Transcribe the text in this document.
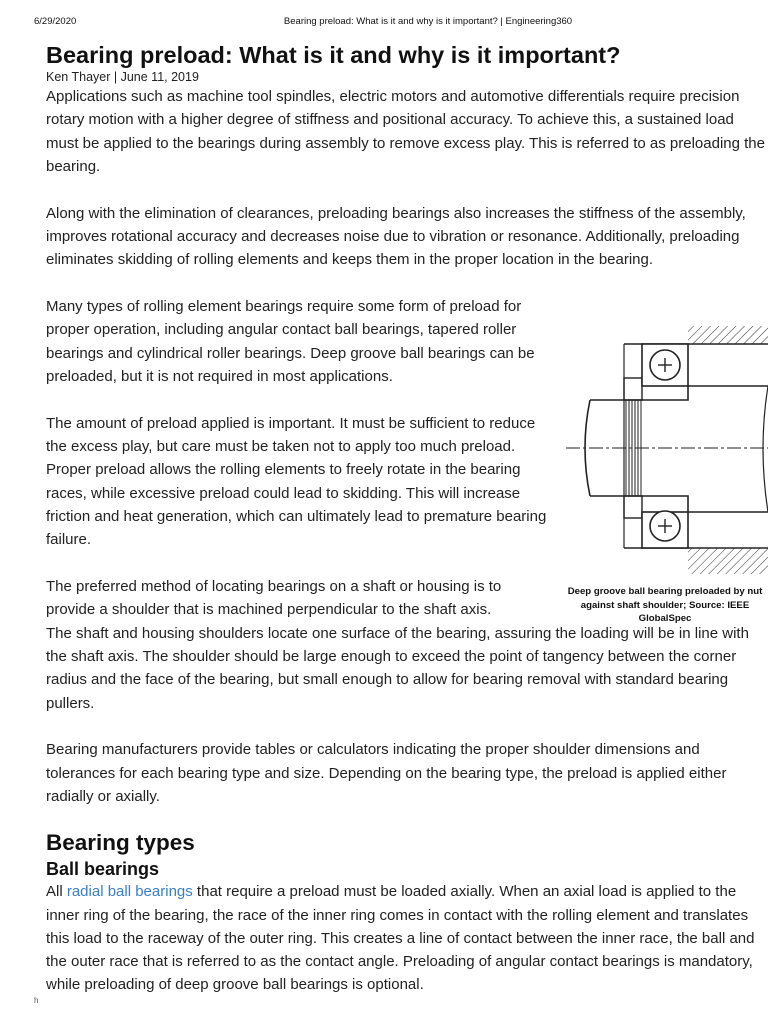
6/29/2020	Bearing preload: What is it and why is it important? | Engineering360
Bearing preload: What is it and why is it important?
Ken Thayer | June 11, 2019

Applications such as machine tool spindles, electric motors and automotive differentials require precision rotary motion with a higher degree of stiffness and positional accuracy. To achieve this, a sustained load must be applied to the bearings during assembly to remove excess play. This is referred to as preloading the bearing.

Along with the elimination of clearances, preloading bearings also increases the stiffness of the assembly, improves rotational accuracy and decreases noise due to vibration or resonance. Additionally, preloading eliminates skidding of rolling elements and keeps them in the proper location in the bearing.

Many types of rolling element bearings require some form of preload for proper operation, including angular contact ball bearings, tapered roller bearings and cylindrical roller bearings. Deep groove ball bearings can be preloaded, but it is not required in most applications.

The amount of preload applied is important. It must be sufficient to reduce the excess play, but care must be taken not to apply too much preload. Proper preload allows the rolling elements to freely rotate in the bearing races, while excessive preload could lead to skidding. This will increase friction and heat generation, which can ultimately lead to premature bearing failure.

The preferred method of locating bearings on a shaft or housing is to provide a shoulder that is machined perpendicular to the shaft axis.

The shaft and housing shoulders locate one surface of the bearing, assuring the loading will be in line with the shaft axis. The shoulder should be large enough to exceed the point of tangency between the corner radius and the face of the bearing, but small enough to allow for bearing removal with standard bearing pullers.

Bearing manufacturers provide tables or calculators indicating the proper shoulder dimensions and tolerances for each bearing type and size. Depending on the bearing type, the preload is applied either radially or axially.

Bearing types
Ball bearings

All radial ball bearings that require a preload must be loaded axially. When an axial load is applied to the inner ring of the bearing, the race of the inner ring comes in contact with the rolling element and translates this load to the raceway of the outer ring. This creates a line of contact between the inner race, the ball and the outer race that is referred to as the contact angle. Preloading of angular contact bearings is mandatory, while preloading of deep groove ball bearings is optional.

Deep groove ball bearing preloaded by nut against shaft shoulder; Source: IEEE GlobalSpec
h
